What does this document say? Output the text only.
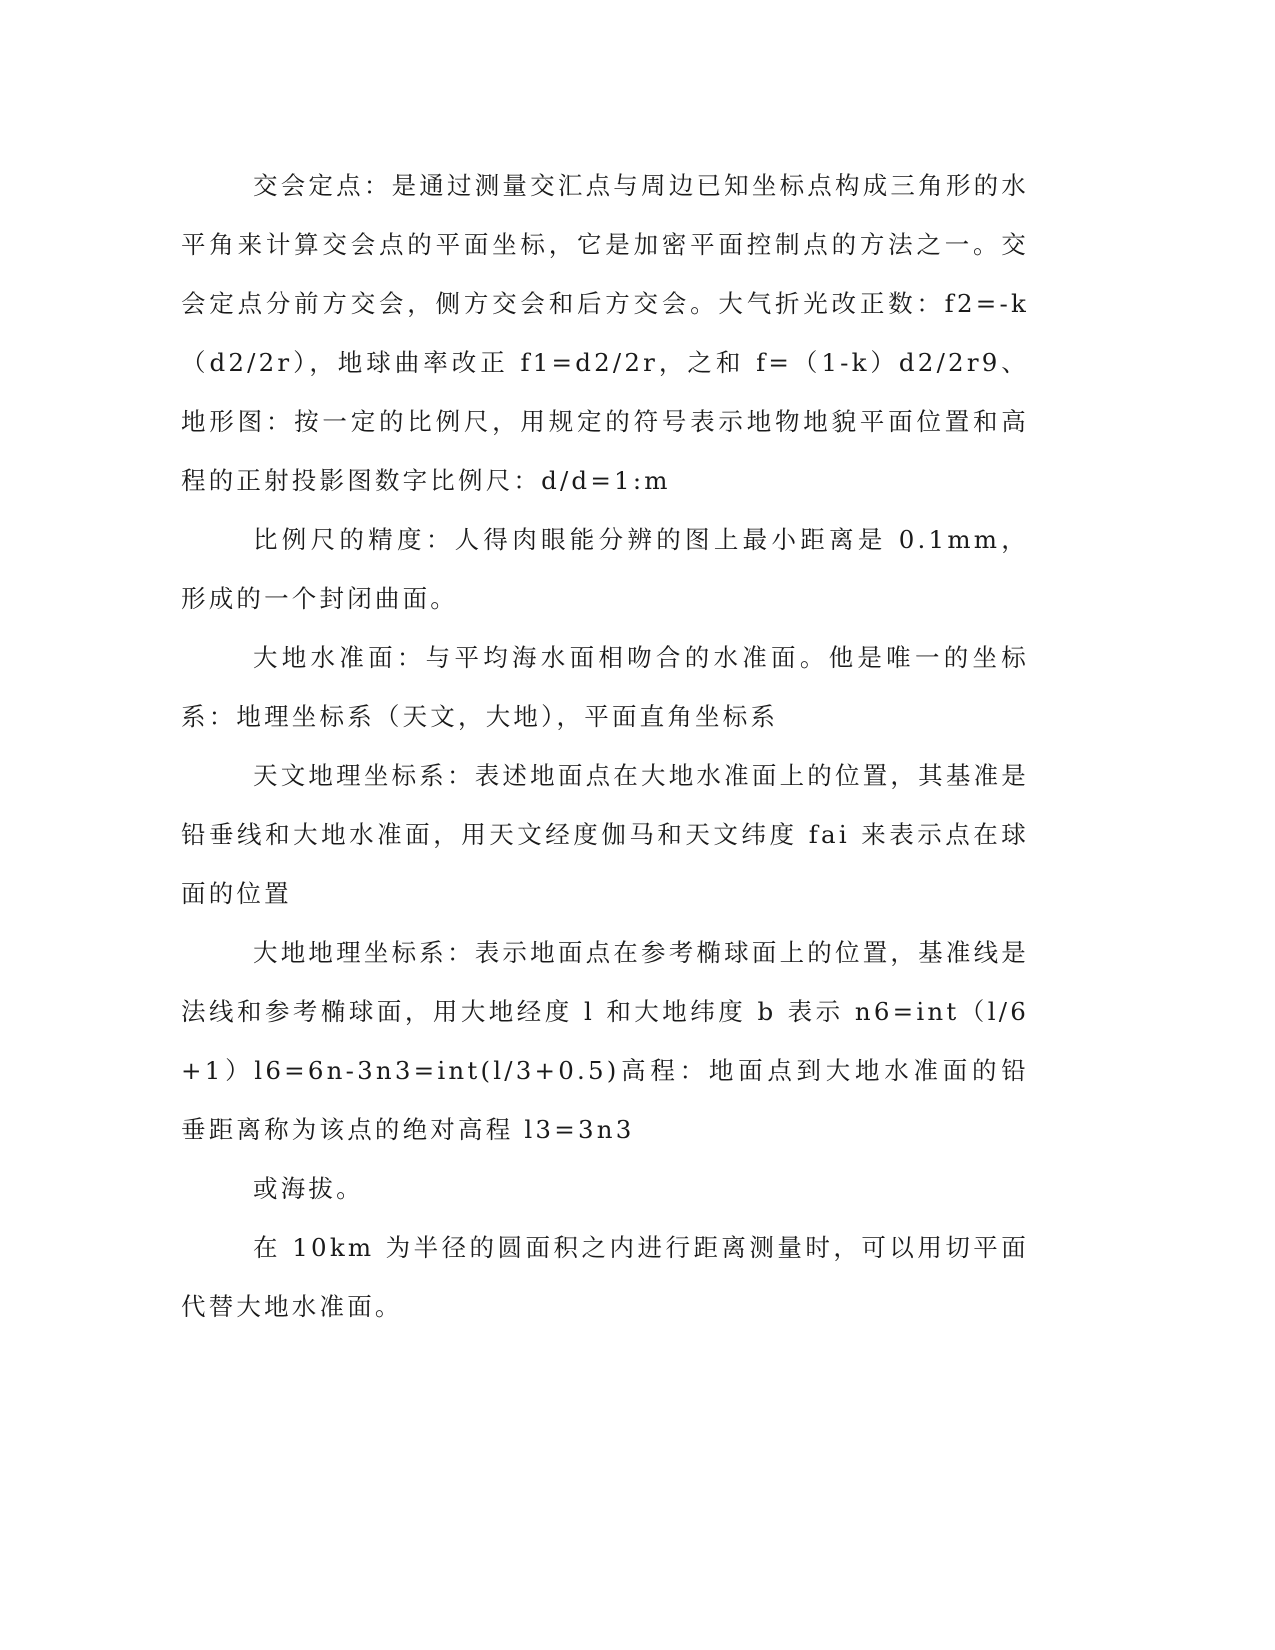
交会定点：是通过测量交汇点与周边已知坐标点构成三角形的水平角来计算交会点的平面坐标，它是加密平面控制点的方法之一。交会定点分前方交会，侧方交会和后方交会。大气折光改正数：f2=-k（d2/2r），地球曲率改正 f1=d2/2r，之和 f=（1-k）d2/2r9、地形图：按一定的比例尺，用规定的符号表示地物地貌平面位置和高程的正射投影图数字比例尺：d/d=1:m

比例尺的精度：人得肉眼能分辨的图上最小距离是 0.1mm，形成的一个封闭曲面。

大地水准面：与平均海水面相吻合的水准面。他是唯一的坐标系：地理坐标系（天文，大地），平面直角坐标系

天文地理坐标系：表述地面点在大地水准面上的位置，其基准是铅垂线和大地水准面，用天文经度伽马和天文纬度 fai 来表示点在球面的位置

大地地理坐标系：表示地面点在参考椭球面上的位置，基准线是法线和参考椭球面，用大地经度 l 和大地纬度 b 表示 n6=int（l/6+1）l6=6n-3n3=int(l/3+0.5)高程：地面点到大地水准面的铅垂距离称为该点的绝对高程 l3=3n3

或海拔。

在 10km 为半径的圆面积之内进行距离测量时，可以用切平面代替大地水准面。
